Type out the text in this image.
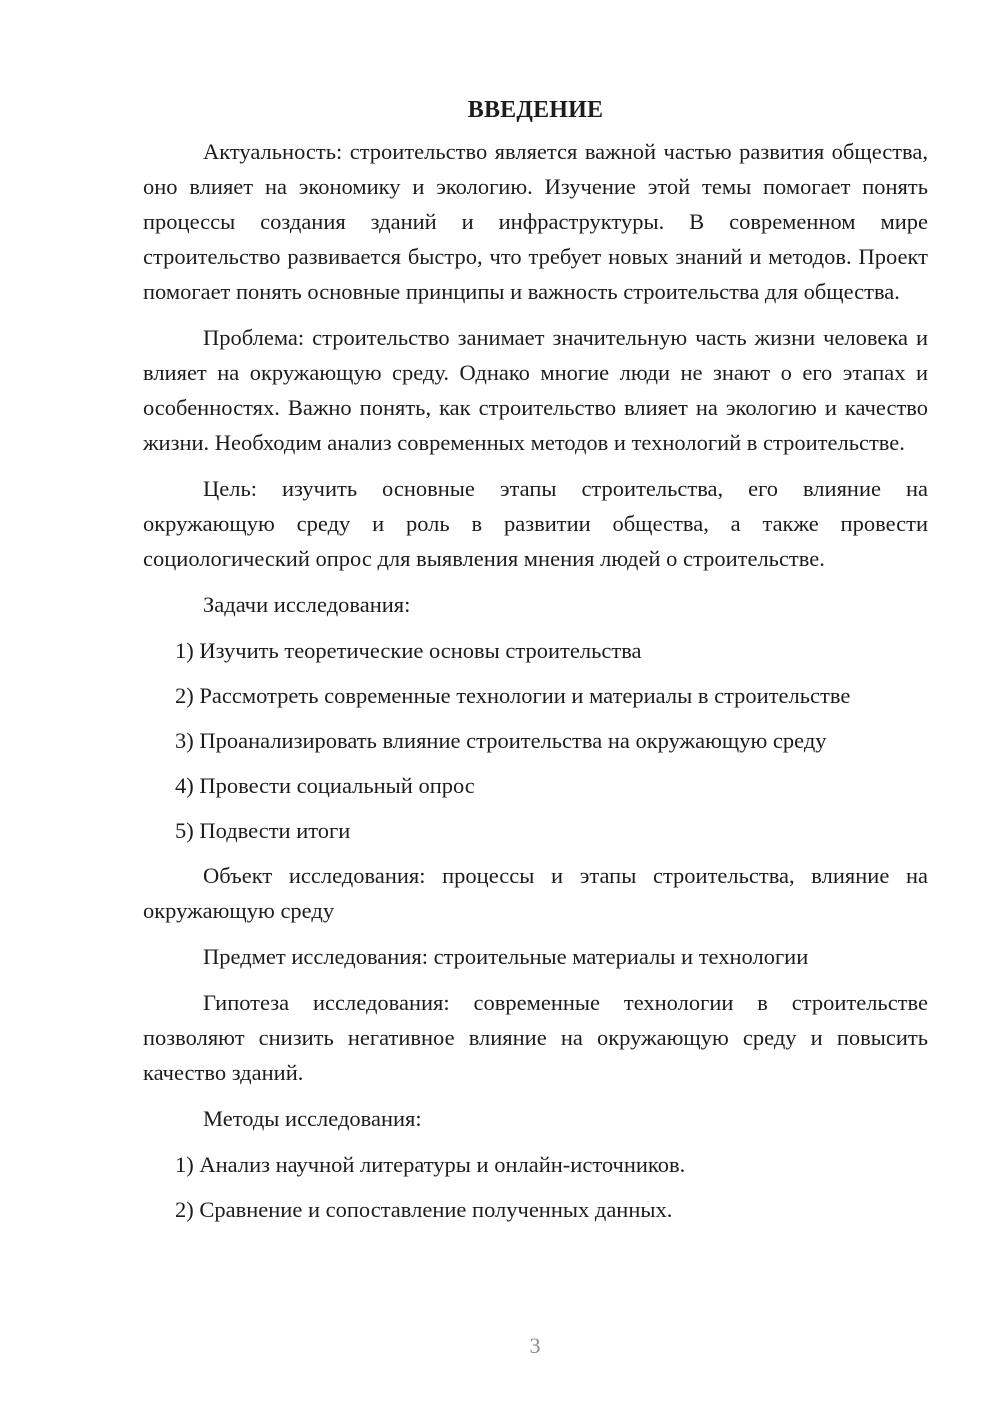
ВВЕДЕНИЕ

Актуальность: строительство является важной частью развития общества, оно влияет на экономику и экологию. Изучение этой темы помогает понять процессы создания зданий и инфраструктуры. В современном мире строительство развивается быстро, что требует новых знаний и методов. Проект помогает понять основные принципы и важность строительства для общества.

Проблема: строительство занимает значительную часть жизни человека и влияет на окружающую среду. Однако многие люди не знают о его этапах и особенностях. Важно понять, как строительство влияет на экологию и качество жизни. Необходим анализ современных методов и технологий в строительстве.

Цель: изучить основные этапы строительства, его влияние на окружающую среду и роль в развитии общества, а также провести социологический опрос для выявления мнения людей о строительстве.

Задачи исследования:

1) Изучить теоретические основы строительства
2) Рассмотреть современные технологии и материалы в строительстве
3) Проанализировать влияние строительства на окружающую среду
4) Провести социальный опрос
5) Подвести итоги

Объект исследования: процессы и этапы строительства, влияние на окружающую среду

Предмет исследования: строительные материалы и технологии

Гипотеза исследования: современные технологии в строительстве позволяют снизить негативное влияние на окружающую среду и повысить качество зданий.

Методы исследования:

1) Анализ научной литературы и онлайн-источников.
2) Сравнение и сопоставление полученных данных.
3
